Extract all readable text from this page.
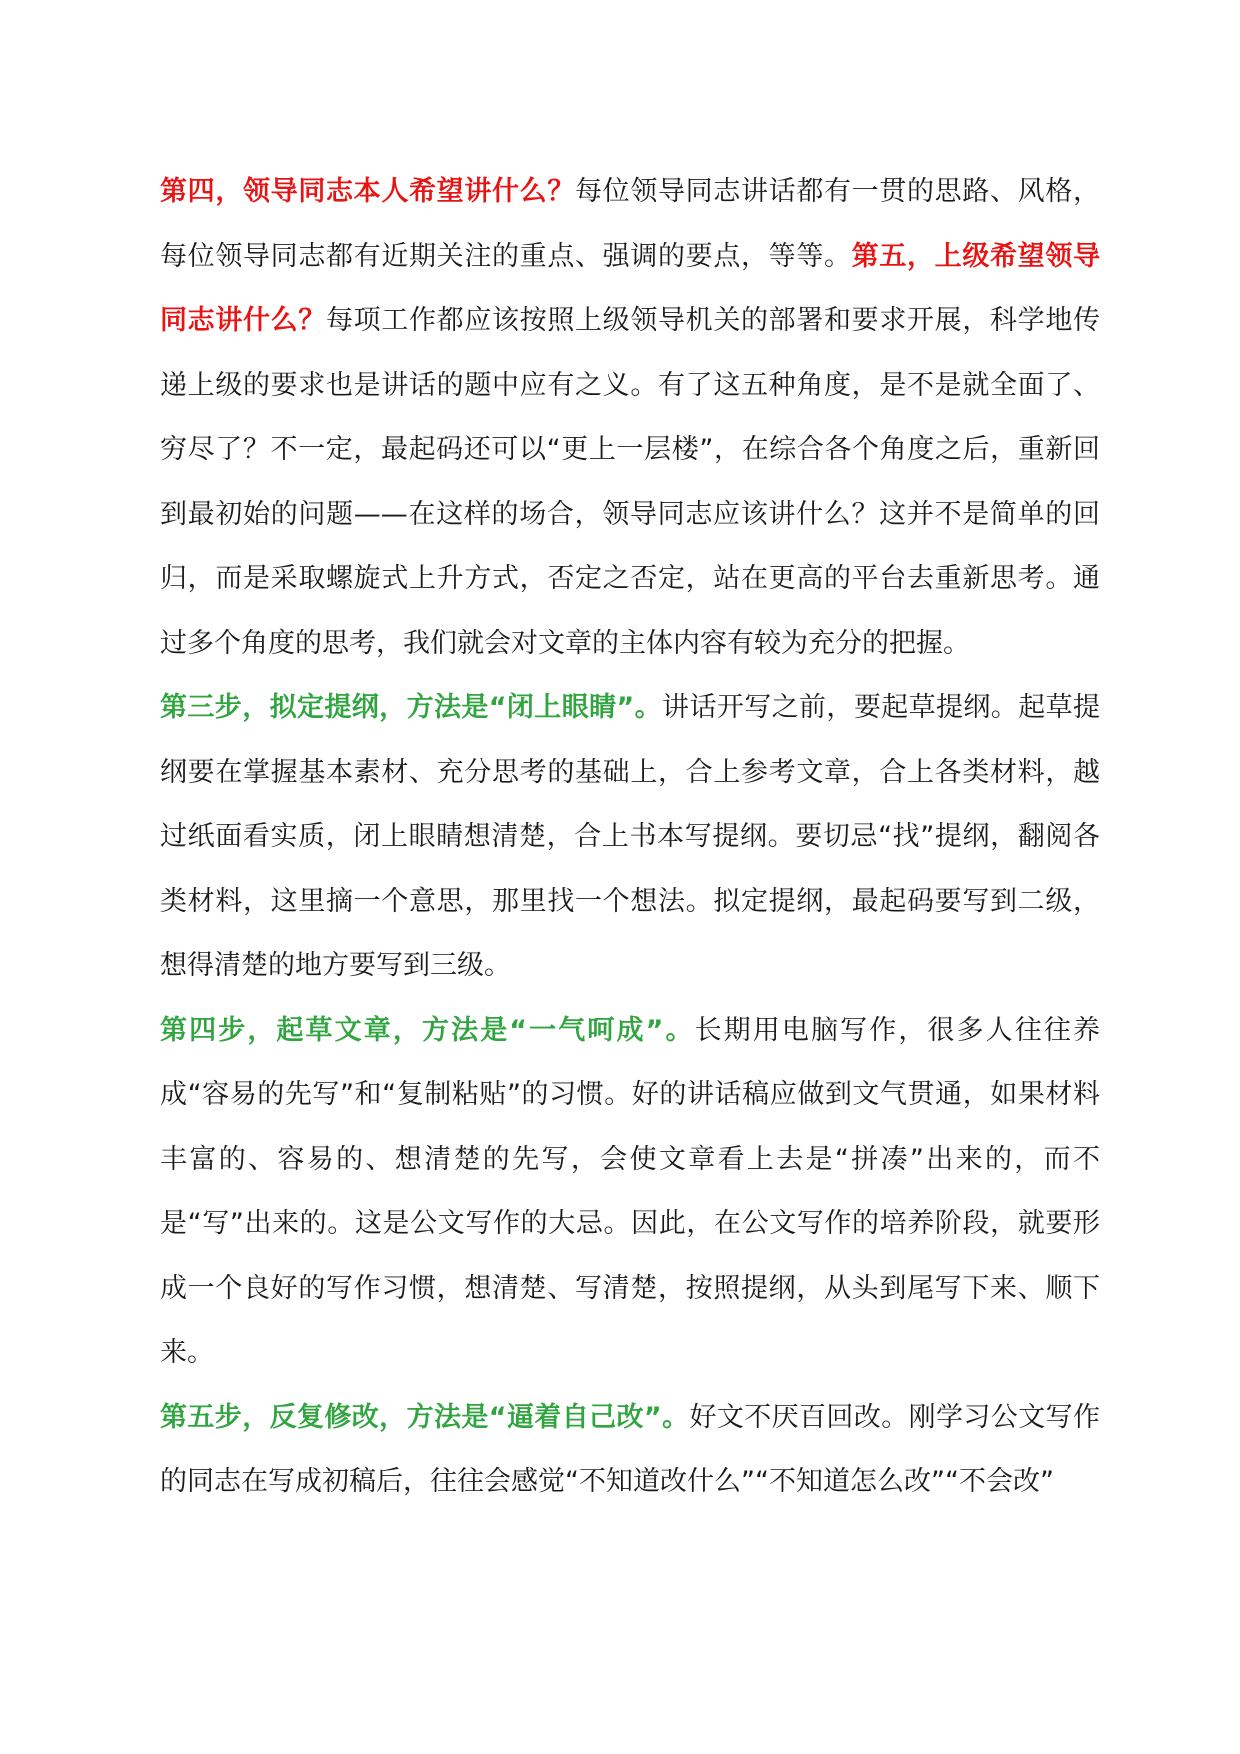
第四，领导同志本人希望讲什么？每位领导同志讲话都有一贯的思路、风格，每位领导同志都有近期关注的重点、强调的要点，等等。第五，上级希望领导同志讲什么？每项工作都应该按照上级领导机关的部署和要求开展，科学地传递上级的要求也是讲话的题中应有之义。有了这五种角度，是不是就全面了、穷尽了？不一定，最起码还可以“更上一层楼”，在综合各个角度之后，重新回到最初始的问题——在这样的场合，领导同志应该讲什么？这并不是简单的回归，而是采取螺旋式上升方式，否定之否定，站在更高的平台去重新思考。通过多个角度的思考，我们就会对文章的主体内容有较为充分的把握。

第三步，拟定提纲，方法是“闭上眼睛”。讲话开写之前，要起草提纲。起草提纲要在掌握基本素材、充分思考的基础上，合上参考文章，合上各类材料，越过纸面看实质，闭上眼睛想清楚，合上书本写提纲。要切忌“找”提纲，翻阅各类材料，这里摘一个意思，那里找一个想法。拟定提纲，最起码要写到二级，想得清楚的地方要写到三级。

第四步，起草文章，方法是“一气呵成”。长期用电脑写作，很多人往往养成“容易的先写”和“复制粘贴”的习惯。好的讲话稿应做到文气贯通，如果材料丰富的、容易的、想清楚的先写，会使文章看上去是“拼凑”出来的，而不是“写”出来的。这是公文写作的大忌。因此，在公文写作的培养阶段，就要形成一个良好的写作习惯，想清楚、写清楚，按照提纲，从头到尾写下来、顺下来。

第五步，反复修改，方法是“逼着自己改”。好文不厌百回改。刚学习公文写作的同志在写成初稿后，往往会感觉“不知道改什么”“不知道怎么改”“不会改”
